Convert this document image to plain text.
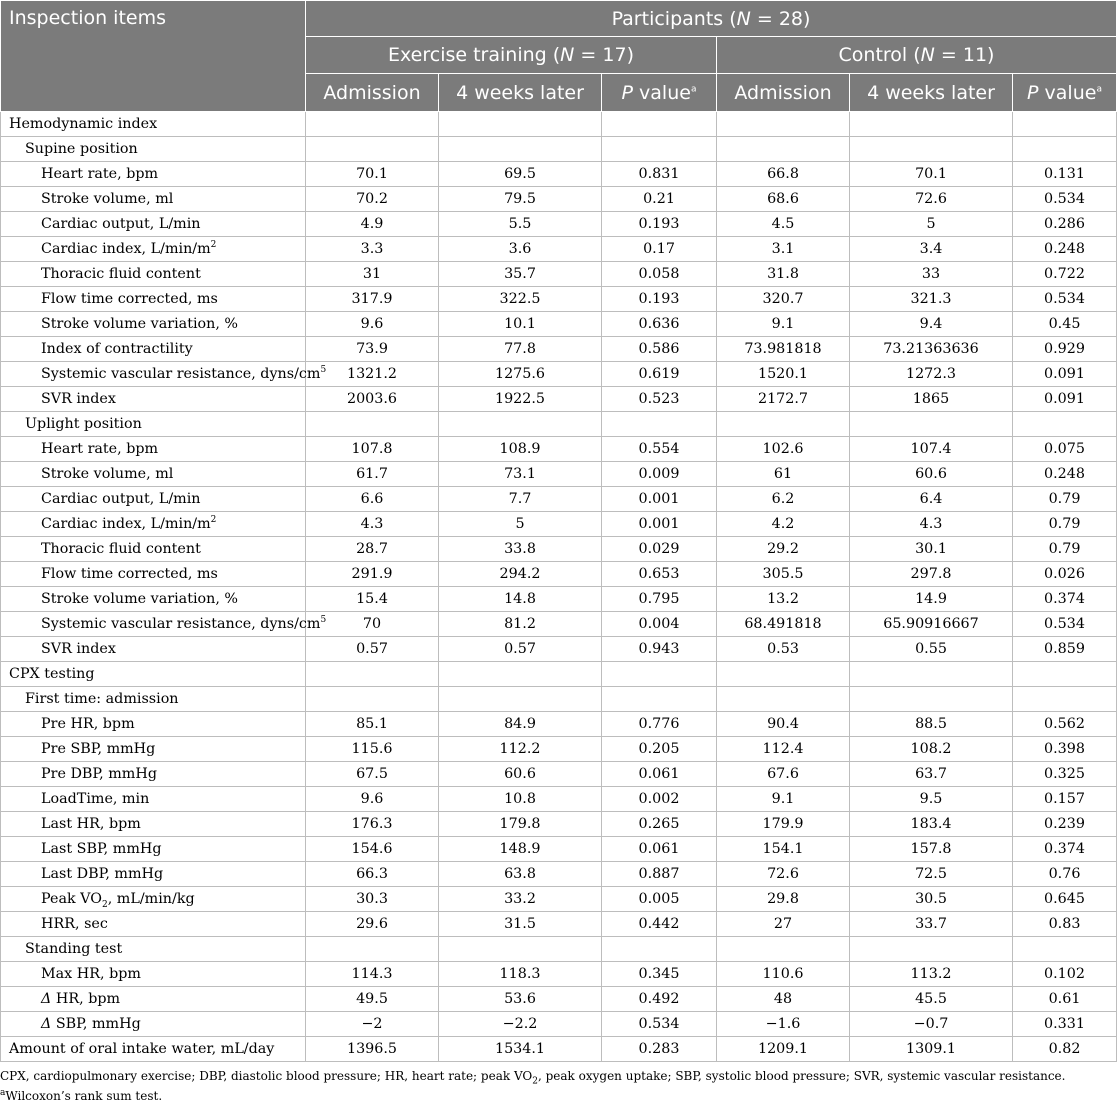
Inspection items	Participants (N = 28)					
	Exercise training (N = 17)			Control (N = 11)		
	Admission	4 weeks later	P value$^a$	Admission	4 weeks later	P value$^a$
Hemodynamic index						
Supine position						
Heart rate, bpm	70.1	69.5	0.831	66.8	70.1	0.131
Stroke volume, ml	70.2	79.5	0.21	68.6	72.6	0.534
Cardiac output, L/min	4.9	5.5	0.193	4.5	5	0.286
Cardiac index, $L/\min/m^2$	3.3	3.6	0.17	3.1	3.4	0.248
Thoracic fluid content	31	35.7	0.058	31.8	33	0.722
Flow time corrected, ms	317.9	322.5	0.193	320.7	321.3	0.534
Stroke volume variation, %	9.6	10.1	0.636	9.1	9.4	0.45
Index of contractility	73.9	77.8	0.586	73.981818	73.21363636	0.929
Systemic vascular resistance, dyns/$cm^5$	1321.2	1275.6	0.619	1520.1	1272.3	0.091
SVR index	2003.6	1922.5	0.523	2172.7	1865	0.091
Uplight position						
Heart rate, bpm	107.8	108.9	0.554	102.6	107.4	0.075
Stroke volume, ml	61.7	73.1	0.009	61	60.6	0.248
Cardiac output, L/min	6.6	7.7	0.001	6.2	6.4	0.79
Cardiac index, $L/\min/m^2$	4.3	5	0.001	4.2	4.3	0.79
Thoracic fluid content	28.7	33.8	0.029	29.2	30.1	0.79
Flow time corrected, ms	291.9	294.2	0.653	305.5	297.8	0.026
Stroke volume variation, %	15.4	14.8	0.795	13.2	14.9	0.374
Systemic vascular resistance, dyns/$cm^5$	70	81.2	0.004	68.491818	65.90916667	0.534
SVR index	0.57	0.57	0.943	0.53	0.55	0.859
CPX testing						
First time: admission						
Pre HR, bpm	85.1	84.9	0.776	90.4	88.5	0.562
Pre SBP, mmHg	115.6	112.2	0.205	112.4	108.2	0.398
Pre DBP, mmHg	67.5	60.6	0.061	67.6	63.7	0.325
LoadTime, min	9.6	10.8	0.002	9.1	9.5	0.157
Last HR, bpm	176.3	179.8	0.265	179.9	183.4	0.239
Last SBP, mmHg	154.6	148.9	0.061	154.1	157.8	0.374
Last DBP, mmHg	66.3	63.8	0.887	72.6	72.5	0.76
Peak $VO_2$, mL/min/kg	30.3	33.2	0.005	29.8	30.5	0.645
HRR, sec	29.6	31.5	0.442	27	33.7	0.83
Standing test						
Max HR, bpm	114.3	118.3	0.345	110.6	113.2	0.102
Δ HR, bpm	49.5	53.6	0.492	48	45.5	0.61
Δ SBP, mmHg	−2	−2.2	0.534	−1.6	−0.7	0.331
Amount of oral intake water, mL/day	1396.5	1534.1	0.283	1209.1	1309.1	0.82
CPX, cardiopulmonary exercise; DBP, diastolic blood pressure; HR, heart rate; peak $VO_2$, peak oxygen uptake; SBP, systolic blood pressure; SVR, systemic vascular resistance.
$^a$Wilcoxon’s rank sum test.
